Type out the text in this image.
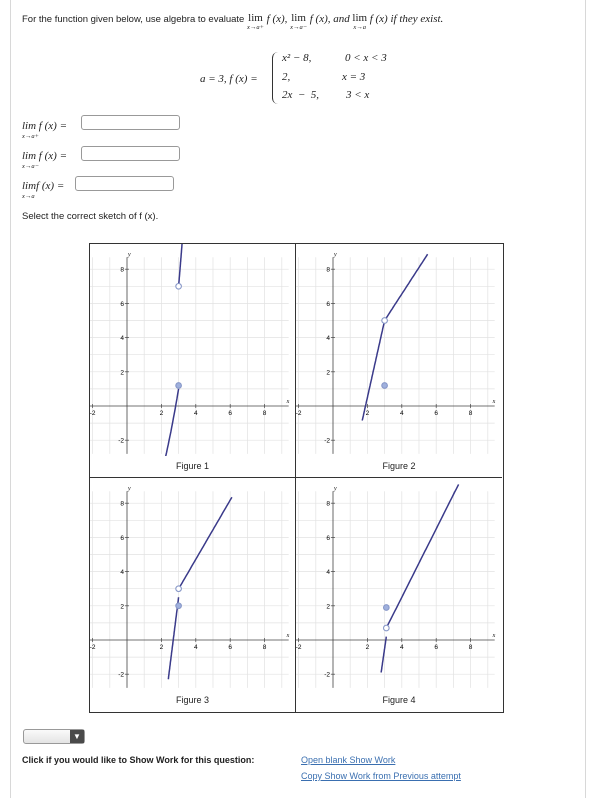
For the function given below, use algebra to evaluate lim
x→a+
f (x), lim
x→a−
f (x), and lim
x→a
f (x) if they exist.
a = 3, f (x) =
x² − 8,	0 < x < 3
2,	x = 3
2x  −  5, 3 < x
lim f (x) =
x→a+
lim f (x) =
x→a−
limf (x) =
x→a
Select the correct sketch of f (x).
x
y
-2	2	4	6	8
-2
2
4
6
8
Figure 1
x
y
-2	2	4	6	8
-2
2
4
6
8
Figure 2
x
y
-2	2	4	6	8
-2
2
4
6
8
Figure 3
x
y
-2	2	4	6	8
-2
2
4
6
8
Figure 4
▼
Click if you would like to Show Work for this question:	Open blank Show Work
Copy Show Work from Previous attempt
